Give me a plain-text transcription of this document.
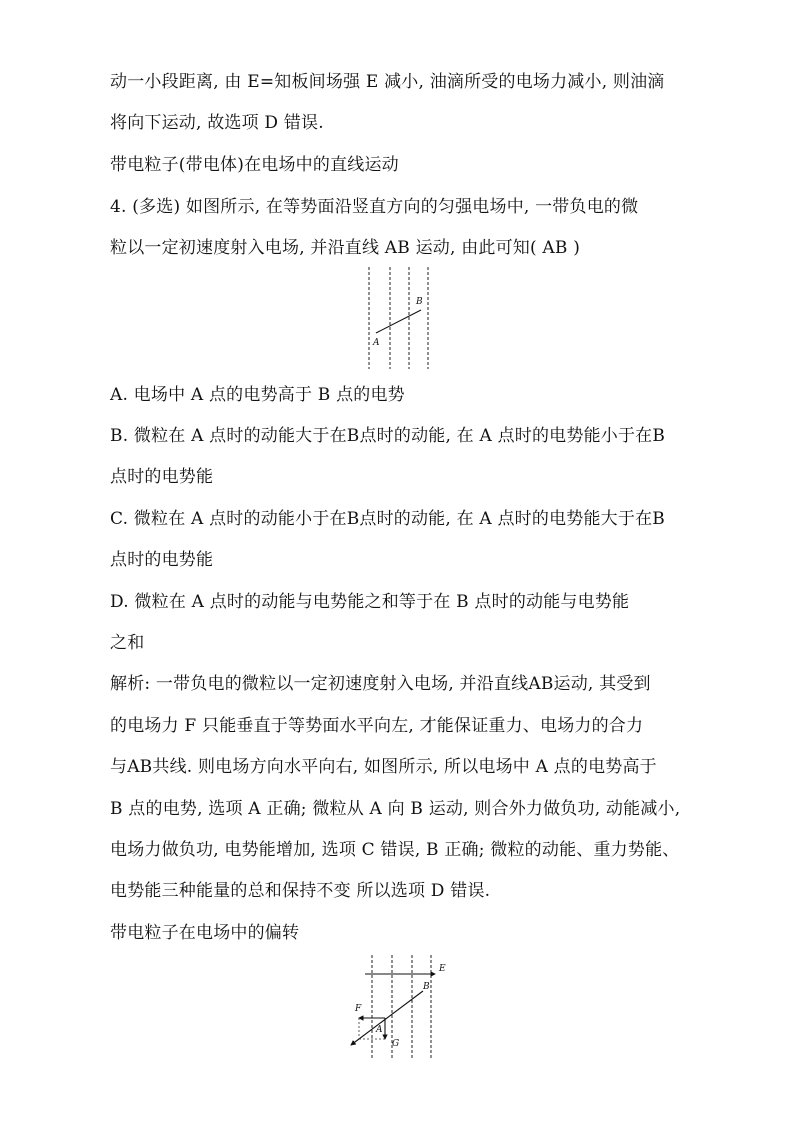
动一小段距离, 由 E=知板间场强 E 减小, 油滴所受的电场力减小, 则油滴
将向下运动, 故选项 D 错误.
带电粒子(带电体)在电场中的直线运动
4. (多选) 如图所示, 在等势面沿竖直方向的匀强电场中, 一带负电的微
粒以一定初速度射入电场, 并沿直线 AB 运动, 由此可知( AB )
A
B
A. 电场中 A 点的电势高于 B 点的电势
B. 微粒在 A 点时的动能大于在B点时的动能, 在 A 点时的电势能小于在B
点时的电势能
C. 微粒在 A 点时的动能小于在B点时的动能, 在 A 点时的电势能大于在B
点时的电势能
D. 微粒在 A 点时的动能与电势能之和等于在 B 点时的动能与电势能
之和
解析: 一带负电的微粒以一定初速度射入电场, 并沿直线AB运动, 其受到
的电场力 F 只能垂直于等势面水平向左, 才能保证重力、电场力的合力
与AB共线. 则电场方向水平向右, 如图所示, 所以电场中 A 点的电势高于
B 点的电势, 选项 A 正确; 微粒从 A 向 B 运动, 则合外力做负功, 动能减小,
电场力做负功, 电势能增加, 选项 C 错误, B 正确; 微粒的动能、重力势能、
电势能三种能量的总和保持不变 所以选项 D 错误.
带电粒子在电场中的偏转
E
B
F
A
G
